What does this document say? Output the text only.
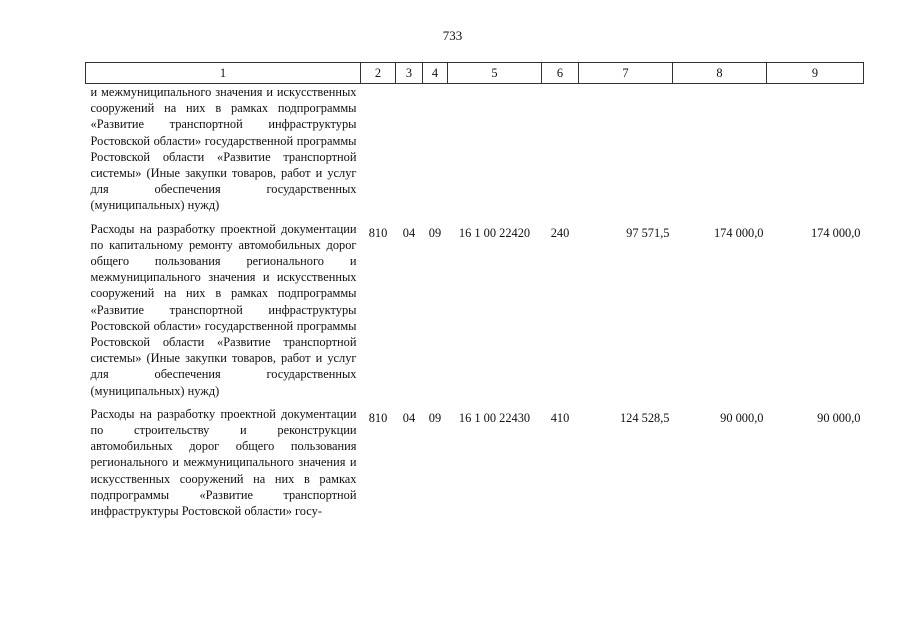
733
1	2	3	4	5	6	7	8	9
и межмуниципального значения и искусственных сооружений на них в рамках подпрограммы «Развитие транспортной инфраструктуры Ростовской области» государственной программы Ростовской области «Развитие транспортной системы» (Иные закупки товаров, работ и услуг для обеспечения государственных (муниципальных) нужд)								
Расходы на разработку проектной документации по капитальному ремонту автомобильных дорог общего пользования регионального и межмуниципального значения и искусственных сооружений на них в рамках подпрограммы «Развитие транспортной инфраструктуры Ростовской области» государственной программы Ростовской области «Развитие транспортной системы» (Иные закупки товаров, работ и услуг для обеспечения государственных (муниципальных) нужд)	810	04	09	16 1 00 22420	240	97 571,5	174 000,0	174 000,0
Расходы на разработку проектной документации по строительству и реконструкции автомобильных дорог общего пользования регионального и межмуниципального значения и искусственных сооружений на них в рамках подпрограммы «Развитие транспортной инфраструктуры Ростовской области» госу-	810	04	09	16 1 00 22430	410	124 528,5	90 000,0	90 000,0
